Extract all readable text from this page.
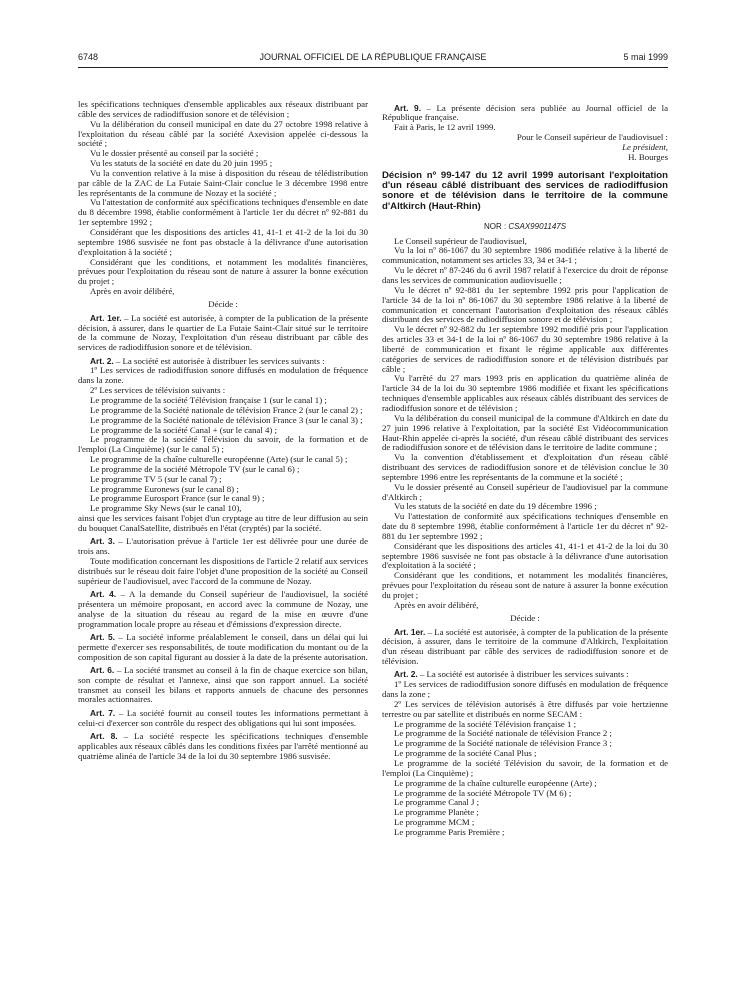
6748	JOURNAL OFFICIEL DE LA RÉPUBLIQUE FRANÇAISE	5 mai 1999

les spécifications techniques d'ensemble applicables aux réseaux distribuant par câble des services de radiodiffusion sonore et de télévision ;

Vu la délibération du conseil municipal en date du 27 octobre 1998 relative à l'exploitation du réseau câblé par la société Axevision appelée ci-dessous la société ;

Vu le dossier présenté au conseil par la société ;

Vu les statuts de la société en date du 20 juin 1995 ;

Vu la convention relative à la mise à disposition du réseau de télédistribution par câble de la ZAC de La Futaie Saint-Clair conclue le 3 décembre 1998 entre les représentants de la commune de Nozay et la société ;

Vu l'attestation de conformité aux spécifications techniques d'ensemble en date du 8 décembre 1998, établie conformément à l'article 1er du décret nº 92-881 du 1er septembre 1992 ;

Considérant que les dispositions des articles 41, 41-1 et 41-2 de la loi du 30 septembre 1986 susvisée ne font pas obstacle à la délivrance d'une autorisation d'exploitation à la société ;

Considérant que les conditions, et notamment les modalités financières, prévues pour l'exploitation du réseau sont de nature à assurer la bonne exécution du projet ;

Après en avoir délibéré,

Décide :

Art. 1er. – La société est autorisée, à compter de la publication de la présente décision, à assurer, dans le quartier de La Futaie Saint-Clair situé sur le territoire de la commune de Nozay, l'exploitation d'un réseau distribuant par câble des services de radiodiffusion sonore et de télévision.

Art. 2. – La société est autorisée à distribuer les services suivants :

1º Les services de radiodiffusion sonore diffusés en modulation de fréquence dans la zone.

2º Les services de télévision suivants :

Le programme de la société Télévision française 1 (sur le canal 1) ;

Le programme de la Société nationale de télévision France 2 (sur le canal 2) ;

Le programme de la Société nationale de télévision France 3 (sur le canal 3) ;

Le programme de la société Canal + (sur le canal 4) ;

Le programme de la société Télévision du savoir, de la formation et de l'emploi (La Cinquième) (sur le canal 5) ;

Le programme de la chaîne culturelle européenne (Arte) (sur le canal 5) ;

Le programme de la société Métropole TV (sur le canal 6) ;

Le programme TV 5 (sur le canal 7) ;

Le programme Euronews (sur le canal 8) ;

Le programme Eurosport France (sur le canal 9) ;

Le programme Sky News (sur le canal 10),

ainsi que les services faisant l'objet d'un cryptage au titre de leur diffusion au sein du bouquet CanalSatellite, distribués en l'état (cryptés) par la société.

Art. 3. – L'autorisation prévue à l'article 1er est délivrée pour une durée de trois ans.

Toute modification concernant les dispositions de l'article 2 relatif aux services distribués sur le réseau doit faire l'objet d'une proposition de la société au Conseil supérieur de l'audiovisuel, avec l'accord de la commune de Nozay.

Art. 4. – A la demande du Conseil supérieur de l'audiovisuel, la société présentera un mémoire proposant, en accord avec la commune de Nozay, une analyse de la situation du réseau au regard de la mise en œuvre d'une programmation locale propre au réseau et d'émissions d'expression directe.

Art. 5. – La société informe préalablement le conseil, dans un délai qui lui permette d'exercer ses responsabilités, de toute modification du montant ou de la composition de son capital figurant au dossier à la date de la présente autorisation.

Art. 6. – La société transmet au conseil à la fin de chaque exercice son bilan, son compte de résultat et l'annexe, ainsi que son rapport annuel. La société transmet au conseil les bilans et rapports annuels de chacune des personnes morales actionnaires.

Art. 7. – La société fournit au conseil toutes les informations permettant à celui-ci d'exercer son contrôle du respect des obligations qui lui sont imposées.

Art. 8. – La société respecte les spécifications techniques d'ensemble applicables aux réseaux câblés dans les conditions fixées par l'arrêté mentionné au quatrième alinéa de l'article 34 de la loi du 30 septembre 1986 susvisée.

Art. 9. – La présente décision sera publiée au Journal officiel de la République française.

Fait à Paris, le 12 avril 1999.

Pour le Conseil supérieur de l'audiovisuel :

Le président,

H. Bourges

Décision nº 99-147 du 12 avril 1999 autorisant l'exploitation d'un réseau câblé distribuant des services de radiodiffusion sonore et de télévision dans le territoire de la commune d'Altkirch (Haut-Rhin)

NOR : CSAX9901147S

Le Conseil supérieur de l'audiovisuel,

Vu la loi nº 86-1067 du 30 septembre 1986 modifiée relative à la liberté de communication, notamment ses articles 33, 34 et 34-1 ;

Vu le décret nº 87-246 du 6 avril 1987 relatif à l'exercice du droit de réponse dans les services de communication audiovisuelle ;

Vu le décret nº 92-881 du 1er septembre 1992 pris pour l'application de l'article 34 de la loi nº 86-1067 du 30 septembre 1986 relative à la liberté de communication et concernant l'autorisation d'exploitation des réseaux câblés distribuant des services de radiodiffusion sonore et de télévision ;

Vu le décret nº 92-882 du 1er septembre 1992 modifié pris pour l'application des articles 33 et 34-1 de la loi nº 86-1067 du 30 septembre 1986 relative à la liberté de communication et fixant le régime applicable aux différentes catégories de services de radiodiffusion sonore et de télévision distribués par câble ;

Vu l'arrêté du 27 mars 1993 pris en application du quatrième alinéa de l'article 34 de la loi du 30 septembre 1986 modifiée et fixant les spécifications techniques d'ensemble applicables aux réseaux câblés distribuant des services de radiodiffusion sonore et de télévision ;

Vu la délibération du conseil municipal de la commune d'Altkirch en date du 27 juin 1996 relative à l'exploitation, par la société Est Vidéocommunication Haut-Rhin appelée ci-après la société, d'un réseau câblé distribuant des services de radiodiffusion sonore et de télévision dans le territoire de ladite commune ;

Vu la convention d'établissement et d'exploitation d'un réseau câblé distribuant des services de radiodiffusion sonore et de télévision conclue le 30 septembre 1996 entre les représentants de la commune et la société ;

Vu le dossier présenté au Conseil supérieur de l'audiovisuel par la commune d'Altkirch ;

Vu les statuts de la société en date du 19 décembre 1996 ;

Vu l'attestation de conformité aux spécifications techniques d'ensemble en date du 8 septembre 1998, établie conformément à l'article 1er du décret nº 92-881 du 1er septembre 1992 ;

Considérant que les dispositions des articles 41, 41-1 et 41-2 de la loi du 30 septembre 1986 susvisée ne font pas obstacle à la délivrance d'une autorisation d'exploitation à la société ;

Considérant que les conditions, et notamment les modalités financières, prévues pour l'exploitation du réseau sont de nature à assurer la bonne exécution du projet ;

Après en avoir délibéré,

Décide :

Art. 1er. – La société est autorisée, à compter de la publication de la présente décision, à assurer, dans le territoire de la commune d'Altkirch, l'exploitation d'un réseau distribuant par câble des services de radiodiffusion sonore et de télévision.

Art. 2. – La société est autorisée à distribuer les services suivants :

1º Les services de radiodiffusion sonore diffusés en modulation de fréquence dans la zone ;

2º Les services de télévision autorisés à être diffusés par voie hertzienne terrestre ou par satellite et distribués en norme SECAM :

Le programme de la société Télévision française 1 ;

Le programme de la Société nationale de télévision France 2 ;

Le programme de la Société nationale de télévision France 3 ;

Le programme de la société Canal Plus ;

Le programme de la société Télévision du savoir, de la formation et de l'emploi (La Cinquième) ;

Le programme de la chaîne culturelle européenne (Arte) ;

Le programme de la société Métropole TV (M 6) ;

Le programme Canal J ;

Le programme Planète ;

Le programme MCM ;

Le programme Paris Première ;
